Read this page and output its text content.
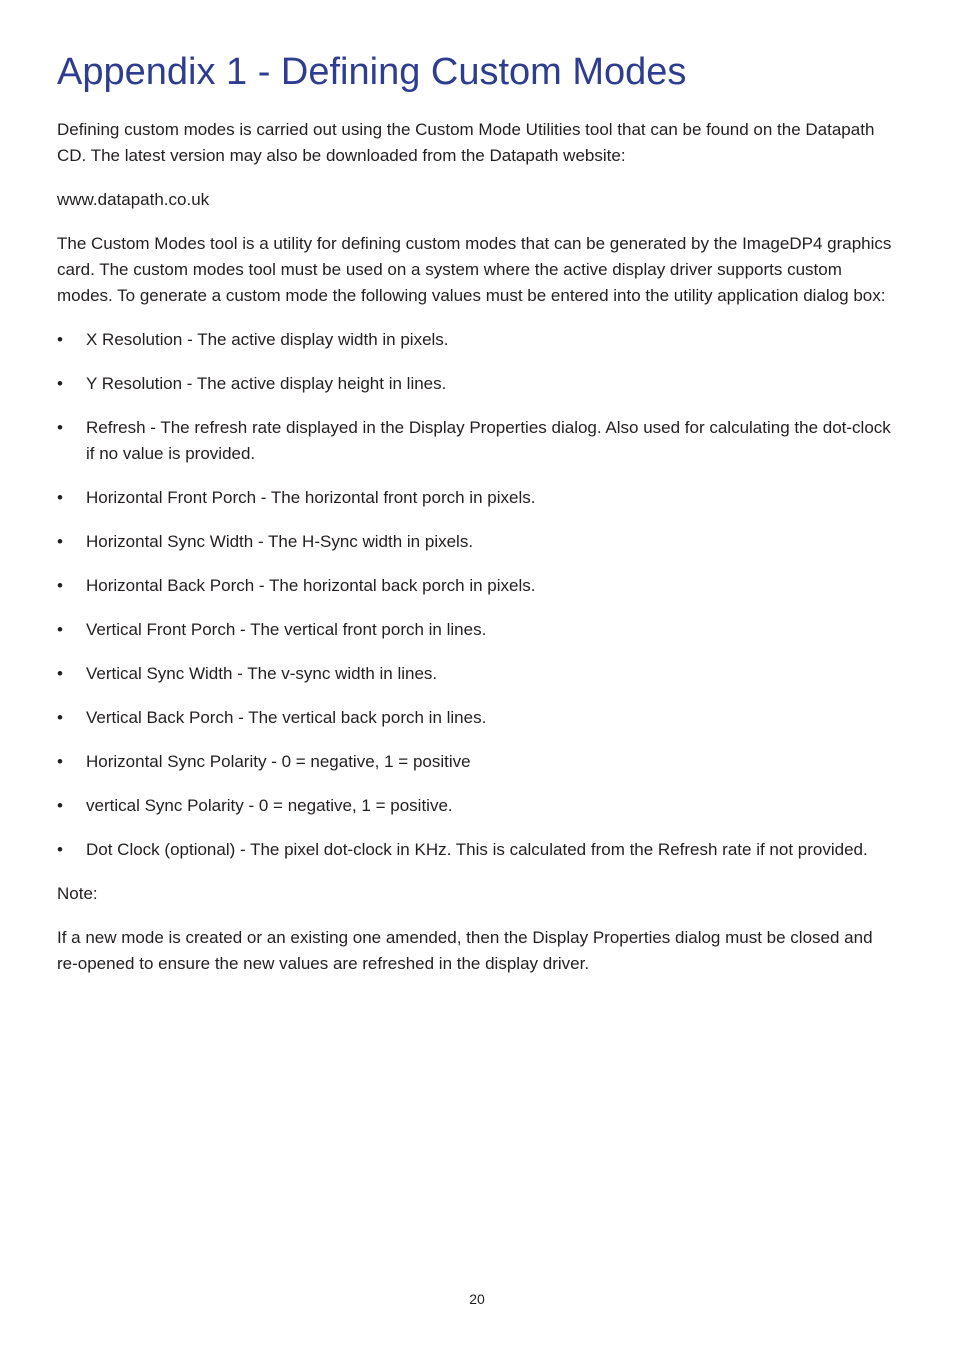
Appendix 1 - Defining Custom Modes

Defining custom modes is carried out using the Custom Mode Utilities tool that can be found on the Datapath CD. The latest version may also be downloaded from the Datapath website:

www.datapath.co.uk

The Custom Modes tool is a utility for defining custom modes that can be generated by the ImageDP4 graphics card. The custom modes tool must be used on a system where the active display driver supports custom modes. To generate a custom mode the following values must be entered into the utility application dialog box:

•	X Resolution - The active display width in pixels.
•	Y Resolution - The active display height in lines.
•	Refresh - The refresh rate displayed in the Display Properties dialog. Also used for calculating the dot-clock if no value is provided.
•	Horizontal Front Porch - The horizontal front porch in pixels.
•	Horizontal Sync Width - The H-Sync width in pixels.
•	Horizontal Back Porch - The horizontal back porch in pixels.
•	Vertical Front Porch - The vertical front porch in lines.
•	Vertical Sync Width - The v-sync width in lines.
•	Vertical Back Porch - The vertical back porch in lines.
•	Horizontal Sync Polarity - 0 = negative, 1 = positive
•	vertical Sync Polarity - 0 = negative, 1 = positive.
•	Dot Clock (optional) - The pixel dot-clock in KHz. This is calculated from the Refresh rate if not provided.

Note:

If a new mode is created or an existing one amended, then the Display Properties dialog must be closed and re-opened to ensure the new values are refreshed in the display driver.

20
